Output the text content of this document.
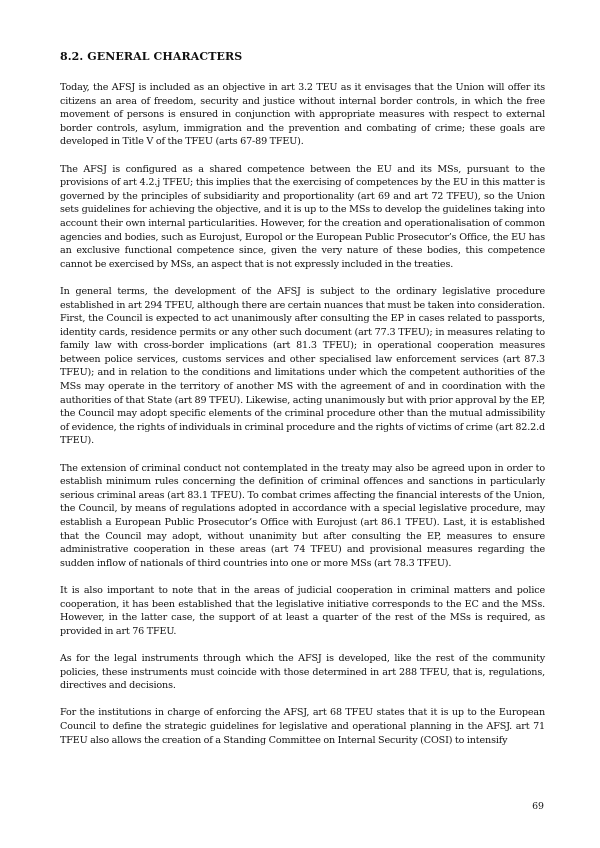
8.2. GENERAL CHARACTERS

Today, the AFSJ is included as an objective in art 3.2 TEU as it envisages that the Union will offer its citizens an area of freedom, security and justice without internal border controls, in which the free movement of persons is ensured in conjunction with appropriate measures with respect to external border controls, asylum, immigration and the prevention and combating of crime; these goals are developed in Title V of the TFEU (arts 67-89 TFEU).

The AFSJ is configured as a shared competence between the EU and its MSs, pursuant to the provisions of art 4.2.j TFEU; this implies that the exercising of competences by the EU in this matter is governed by the principles of subsidiarity and proportionality (art 69 and art 72 TFEU), so the Union sets guidelines for achieving the objective, and it is up to the MSs to develop the guidelines taking into account their own internal particularities. However, for the creation and operationalisation of common agencies and bodies, such as Eurojust, Europol or the European Public Prosecutor’s Office, the EU has an exclusive functional competence since, given the very nature of these bodies, this competence cannot be exercised by MSs, an aspect that is not expressly included in the treaties.

In general terms, the development of the AFSJ is subject to the ordinary legislative procedure established in art 294 TFEU, although there are certain nuances that must be taken into consideration. First, the Council is expected to act unanimously after consulting the EP in cases related to passports, identity cards, residence permits or any other such document (art 77.3 TFEU); in measures relating to family law with cross-border implications (art 81.3 TFEU); in operational cooperation measures between police services, customs services and other specialised law enforcement services (art 87.3 TFEU); and in relation to the conditions and limitations under which the competent authorities of the MSs may operate in the territory of another MS with the agreement of and in coordination with the authorities of that State (art 89 TFEU). Likewise, acting unanimously but with prior approval by the EP, the Council may adopt specific elements of the criminal procedure other than the mutual admissibility of evidence, the rights of individuals in criminal procedure and the rights of victims of crime (art 82.2.d TFEU).

The extension of criminal conduct not contemplated in the treaty may also be agreed upon in order to establish minimum rules concerning the definition of criminal offences and sanctions in particularly serious criminal areas (art 83.1 TFEU). To combat crimes affecting the financial interests of the Union, the Council, by means of regulations adopted in accordance with a special legislative procedure, may establish a European Public Prosecutor’s Office with Eurojust (art 86.1 TFEU). Last, it is established that the Council may adopt, without unanimity but after consulting the EP, measures to ensure administrative cooperation in these areas (art 74 TFEU) and provisional measures regarding the sudden inflow of nationals of third countries into one or more MSs (art 78.3 TFEU).

It is also important to note that in the areas of judicial cooperation in criminal matters and police cooperation, it has been established that the legislative initiative corresponds to the EC and the MSs. However, in the latter case, the support of at least a quarter of the rest of the MSs is required, as provided in art 76 TFEU.

As for the legal instruments through which the AFSJ is developed, like the rest of the community policies, these instruments must coincide with those determined in art 288 TFEU, that is, regulations, directives and decisions.

For the institutions in charge of enforcing the AFSJ, art 68 TFEU states that it is up to the European Council to define the strategic guidelines for legislative and operational planning in the AFSJ. art 71 TFEU also allows the creation of a Standing Committee on Internal Security (COSI) to intensify

69
